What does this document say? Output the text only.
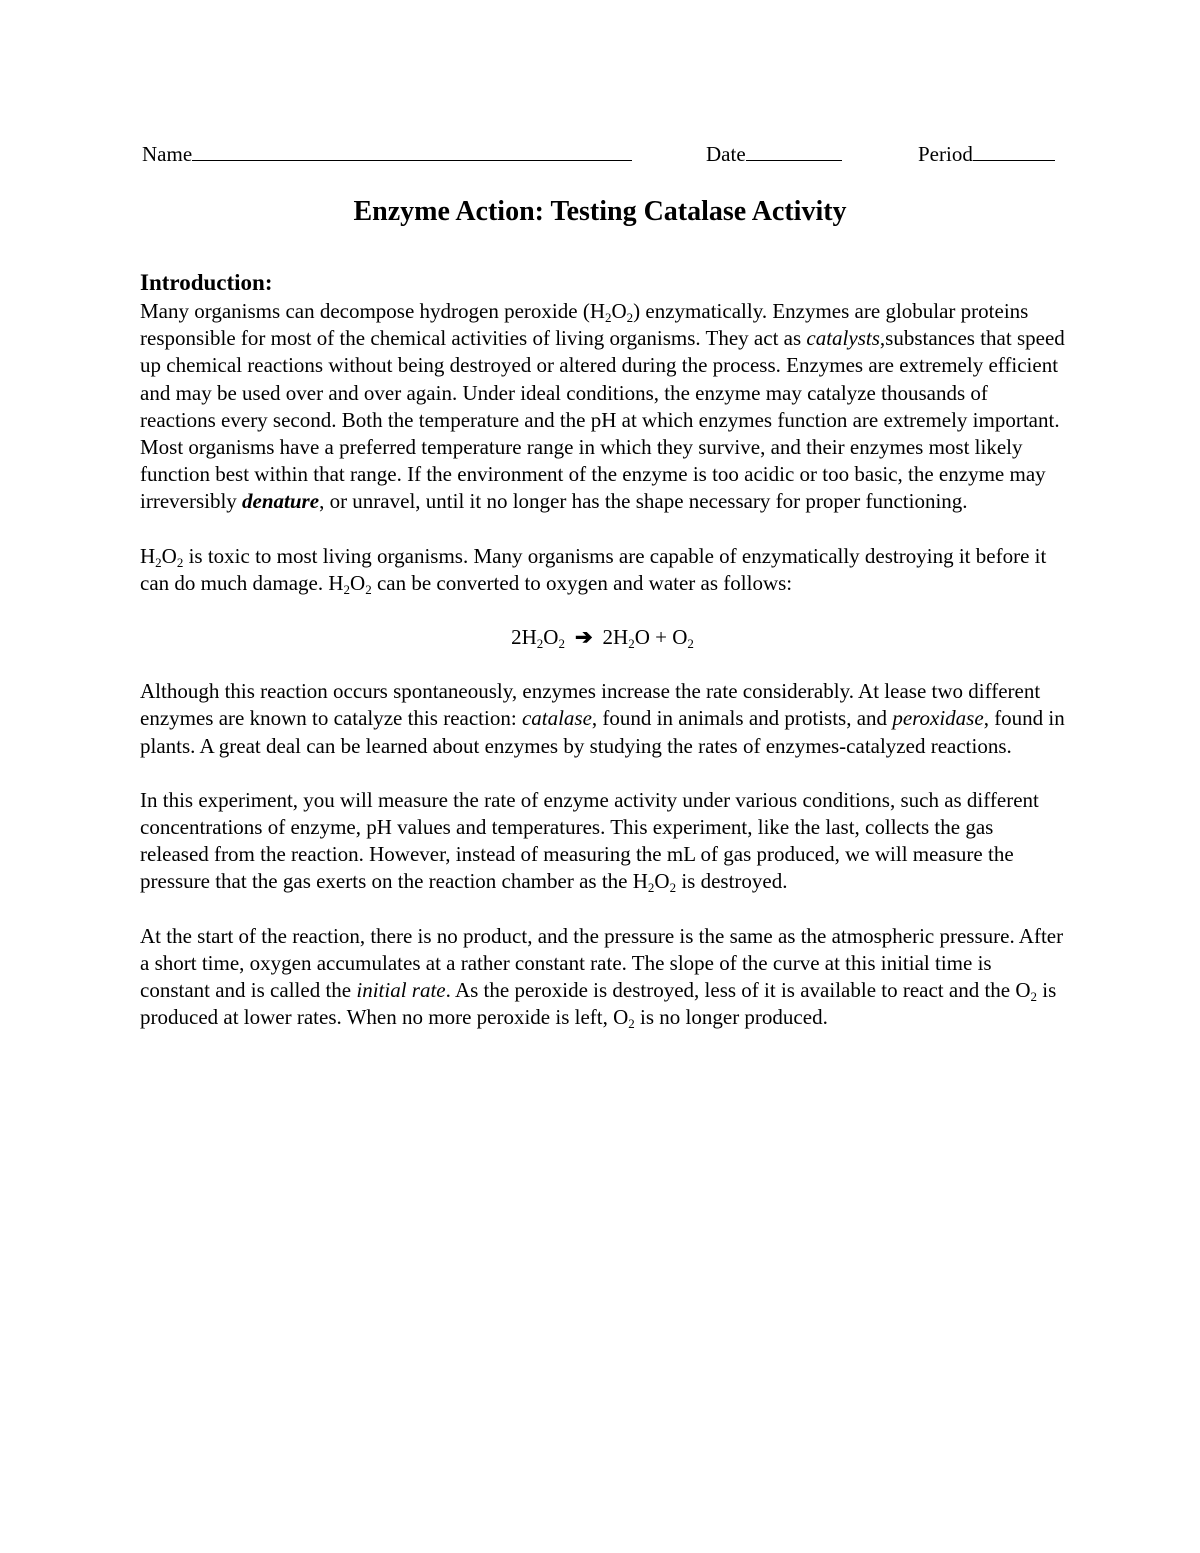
Name	Date	Period
Enzyme Action: Testing Catalase Activity
Introduction:

Many organisms can decompose hydrogen peroxide $(H_2O_2)$ enzymatically. Enzymes are globular proteins responsible for most of the chemical activities of living organisms. They act as catalysts,substances that speed up chemical reactions without being destroyed or altered during the process. Enzymes are extremely efficient and may be used over and over again. Under ideal conditions, the enzyme may catalyze thousands of reactions every second. Both the temperature and the pH at which enzymes function are extremely important. Most organisms have a preferred temperature range in which they survive, and their enzymes most likely function best within that range. If the environment of the enzyme is too acidic or too basic, the enzyme may irreversibly denature, or unravel, until it no longer has the shape necessary for proper functioning.

$H_2O_2$ is toxic to most living organisms. Many organisms are capable of enzymatically destroying it before it can do much damage. $H_2O_2$ can be converted to oxygen and water as follows:

$2H_2O_2$ ➔ $2H_2O + O_2$

Although this reaction occurs spontaneously, enzymes increase the rate considerably. At lease two different enzymes are known to catalyze this reaction: catalase, found in animals and protists, and peroxidase, found in plants. A great deal can be learned about enzymes by studying the rates of enzymes-catalyzed reactions.

In this experiment, you will measure the rate of enzyme activity under various conditions, such as different concentrations of enzyme, pH values and temperatures. This experiment, like the last, collects the gas released from the reaction. However, instead of measuring the mL of gas produced, we will measure the pressure that the gas exerts on the reaction chamber as the $H_2O_2$ is destroyed.

At the start of the reaction, there is no product, and the pressure is the same as the atmospheric pressure. After a short time, oxygen accumulates at a rather constant rate. The slope of the curve at this initial time is constant and is called the initial rate. As the peroxide is destroyed, less of it is available to react and the $O_2$ is produced at lower rates. When no more peroxide is left, $O_2$ is no longer produced.
